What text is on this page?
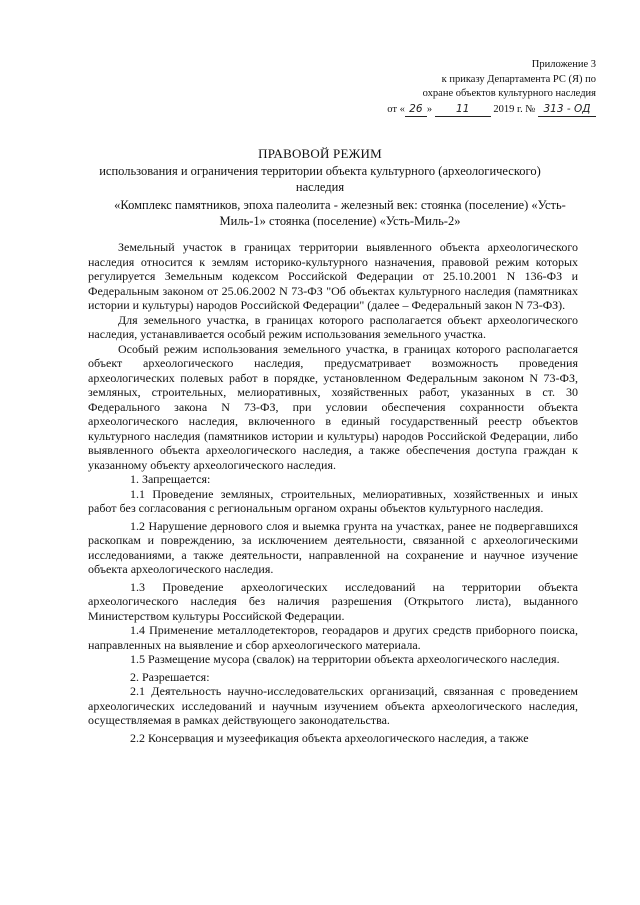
Приложение 3
к приказу Департамента РС (Я) по
охране объектов культурного наследия
от « 26 » 11 2019 г. № 313 - ОД
ПРАВОВОЙ РЕЖИМ
использования и ограничения территории объекта культурного (археологического) наследия
«Комплекс памятников, эпоха палеолита - железный век: стоянка (поселение) «Усть-Миль-1» стоянка (поселение) «Усть-Миль-2»

Земельный участок в границах территории выявленного объекта археологического наследия относится к землям историко-культурного назначения, правовой режим которых регулируется Земельным кодексом Российской Федерации от 25.10.2001 N 136-ФЗ и Федеральным законом от 25.06.2002 N 73-ФЗ "Об объектах культурного наследия (памятниках истории и культуры) народов Российской Федерации" (далее – Федеральный закон N 73-ФЗ).

Для земельного участка, в границах которого располагается объект археологического наследия, устанавливается особый режим использования земельного участка.

Особый режим использования земельного участка, в границах которого располагается объект археологического наследия, предусматривает возможность проведения археологических полевых работ в порядке, установленном Федеральным законом N 73-ФЗ, земляных, строительных, мелиоративных, хозяйственных работ, указанных в ст. 30 Федерального закона N 73-ФЗ, при условии обеспечения сохранности объекта археологического наследия, включенного в единый государственный реестр объектов культурного наследия (памятников истории и культуры) народов Российской Федерации, либо выявленного объекта археологического наследия, а также обеспечения доступа граждан к указанному объекту археологического наследия.

1. Запрещается:

1.1 Проведение земляных, строительных, мелиоративных, хозяйственных и иных работ без согласования с региональным органом охраны объектов культурного наследия.

1.2 Нарушение дернового слоя и выемка грунта на участках, ранее не подвергавшихся раскопкам и повреждению, за исключением деятельности, связанной с археологическими исследованиями, а также деятельности, направленной на сохранение и научное изучение объекта археологического наследия.

1.3 Проведение археологических исследований на территории объекта археологического наследия без наличия разрешения (Открытого листа), выданного Министерством культуры Российской Федерации.

1.4 Применение металлодетекторов, георадаров и других средств приборного поиска, направленных на выявление и сбор археологического материала.

1.5 Размещение мусора (свалок) на территории объекта археологического наследия.

2. Разрешается:

2.1 Деятельность научно-исследовательских организаций, связанная с проведением археологических исследований и научным изучением объекта археологического наследия, осуществляемая в рамках действующего законодательства.

2.2 Консервация и музеефикация объекта археологического наследия, а также
